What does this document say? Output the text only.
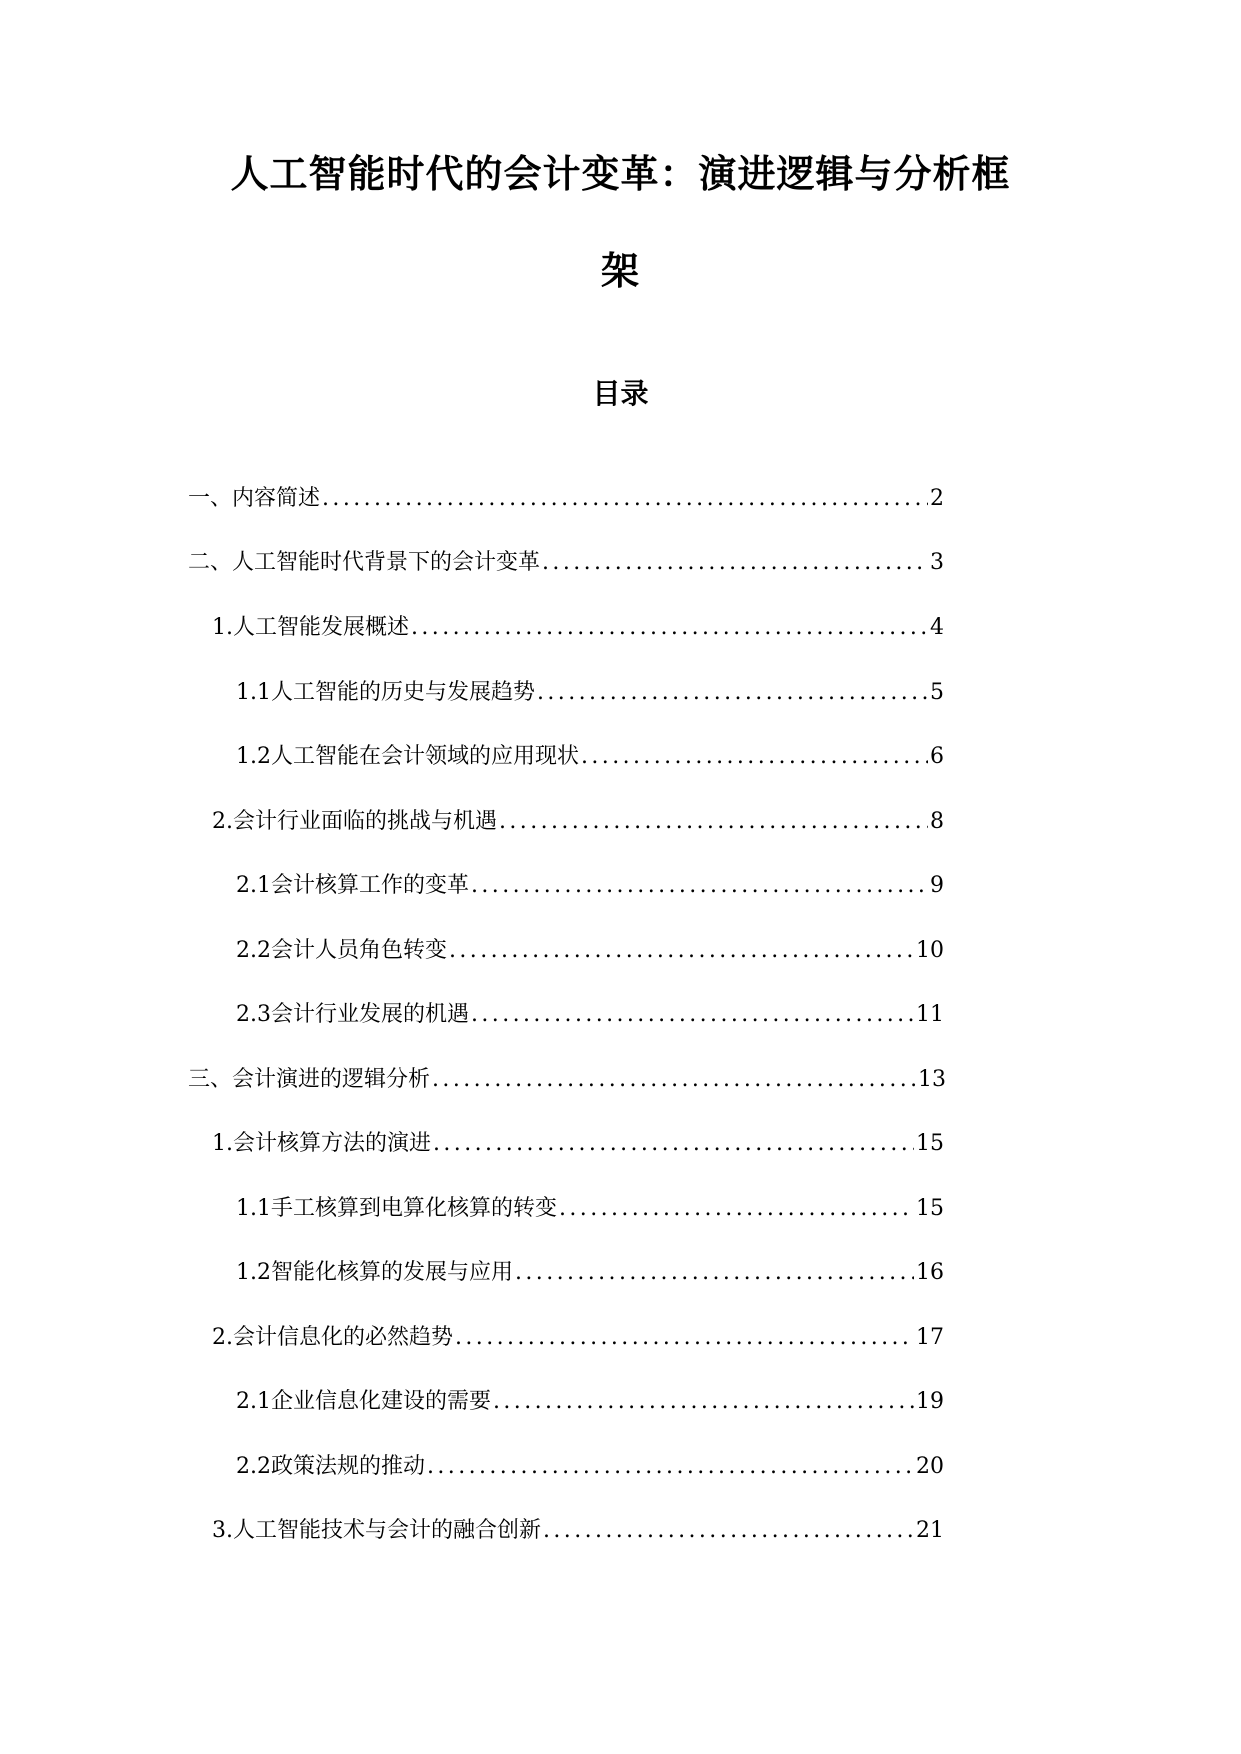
人工智能时代的会计变革：演进逻辑与分析框
架
目录
一、 内容简述 .....	2
二、 人工智能时代背景下的会计变革 .....	3
1. 人工智能发展概述 .....	4
1.1 人工智能的历史与发展趋势 .....	5
1.2 人工智能在会计领域的应用现状 .....	6
2. 会计行业面临的挑战与机遇 .....	8
2.1 会计核算工作的变革 .....	9
2.2 会计人员角色转变 .....	10
2.3 会计行业发展的机遇 .....	11
三、 会计演进的逻辑分析 .....	13
1. 会计核算方法的演进 .....	15
1.1 手工核算到电算化核算的转变 .....	15
1.2 智能化核算的发展与应用 .....	16
2. 会计信息化的必然趋势 .....	17
2.1 企业信息化建设的需要 .....	19
2.2 政策法规的推动 .....	20
3. 人工智能技术与会计的融合创新 .....	21
